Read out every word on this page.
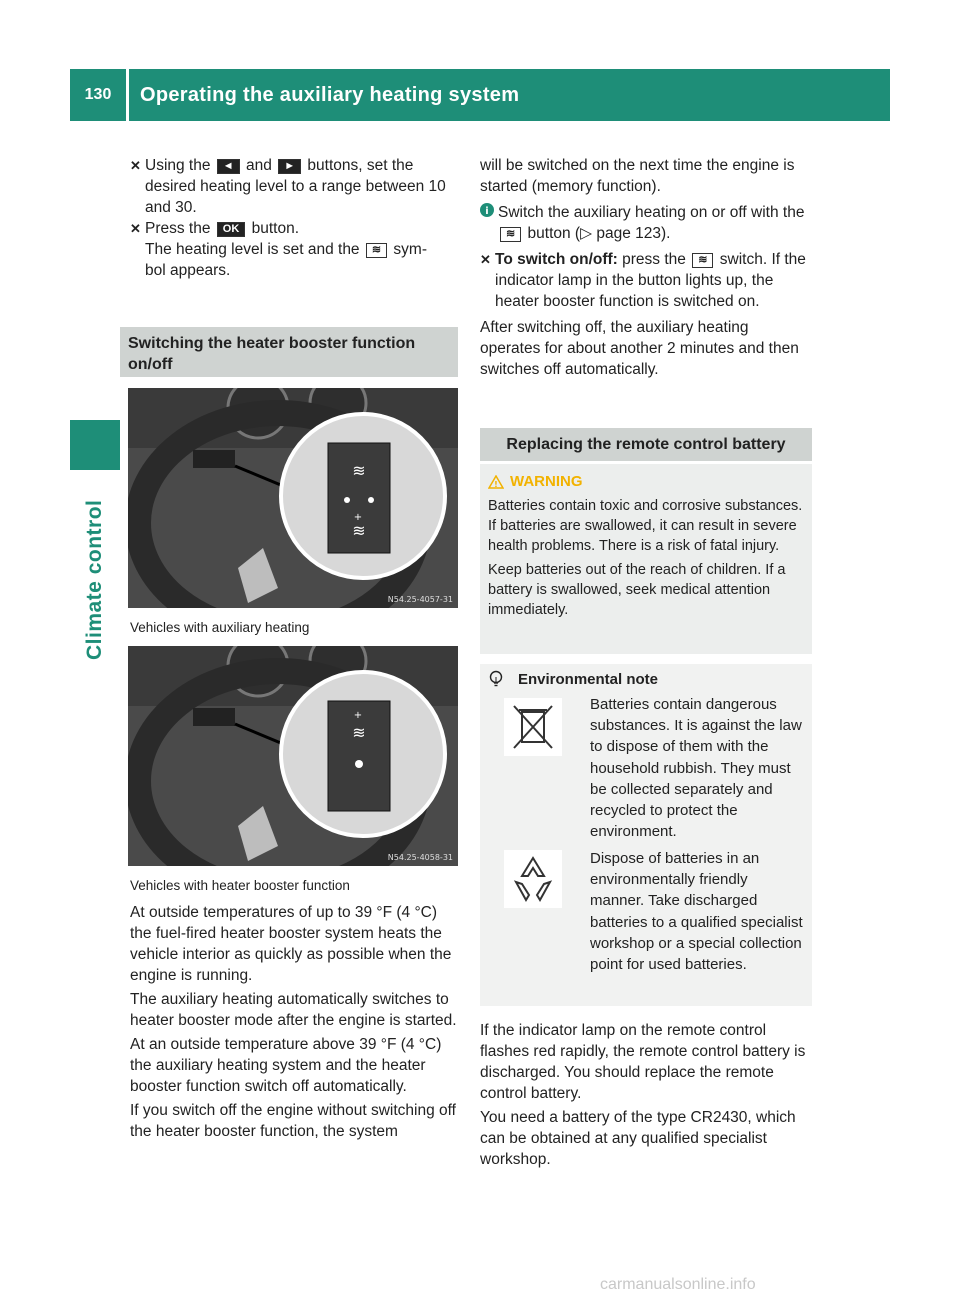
130	Operating the auxiliary heating system
Climate control
✕ Using the ◄ and ► buttons, set the
desired heating level to a range between 10
and 30.
✕ Press the OK button.
The heating level is set and the ≋ sym-
bol appears.
Switching the heater booster function on/off
≋
≋
+
N54.25-4057-31
Vehicles with auxiliary heating
+
≋
N54.25-4058-31
Vehicles with heater booster function
At outside temperatures of up to 39 °F (4 °C) the fuel-fired heater booster system heats the vehicle interior as quickly as possible when the engine is running.
The auxiliary heating automatically switches to heater booster mode after the engine is started.
At an outside temperature above 39 °F (4 °C) the auxiliary heating system and the heater booster function switch off automatically.
If you switch off the engine without switching off the heater booster function, the system
will be switched on the next time the engine is started (memory function).
i Switch the auxiliary heating on or off with the ≋ button (▷ page 123).
✕ To switch on/off: press the ≋ switch. If the indicator lamp in the button lights up, the heater booster function is switched on.
After switching off, the auxiliary heating operates for about another 2 minutes and then switches off automatically.
Replacing the remote control battery
! WARNING
Batteries contain toxic and corrosive substances. If batteries are swallowed, it can result in severe health problems. There is a risk of fatal injury.
Keep batteries out of the reach of children. If a battery is swallowed, seek medical attention immediately.
Environmental note
Batteries contain dangerous substances. It is against the law to dispose of them with the household rubbish. They must be collected separately and recycled to protect the environment.
Dispose of batteries in an environmentally friendly manner. Take discharged batteries to a qualified specialist workshop or a special collection point for used batteries.
If the indicator lamp on the remote control flashes red rapidly, the remote control battery is discharged. You should replace the remote control battery.
You need a battery of the type CR2430, which can be obtained at any qualified specialist workshop.
carmanualsonline.info
